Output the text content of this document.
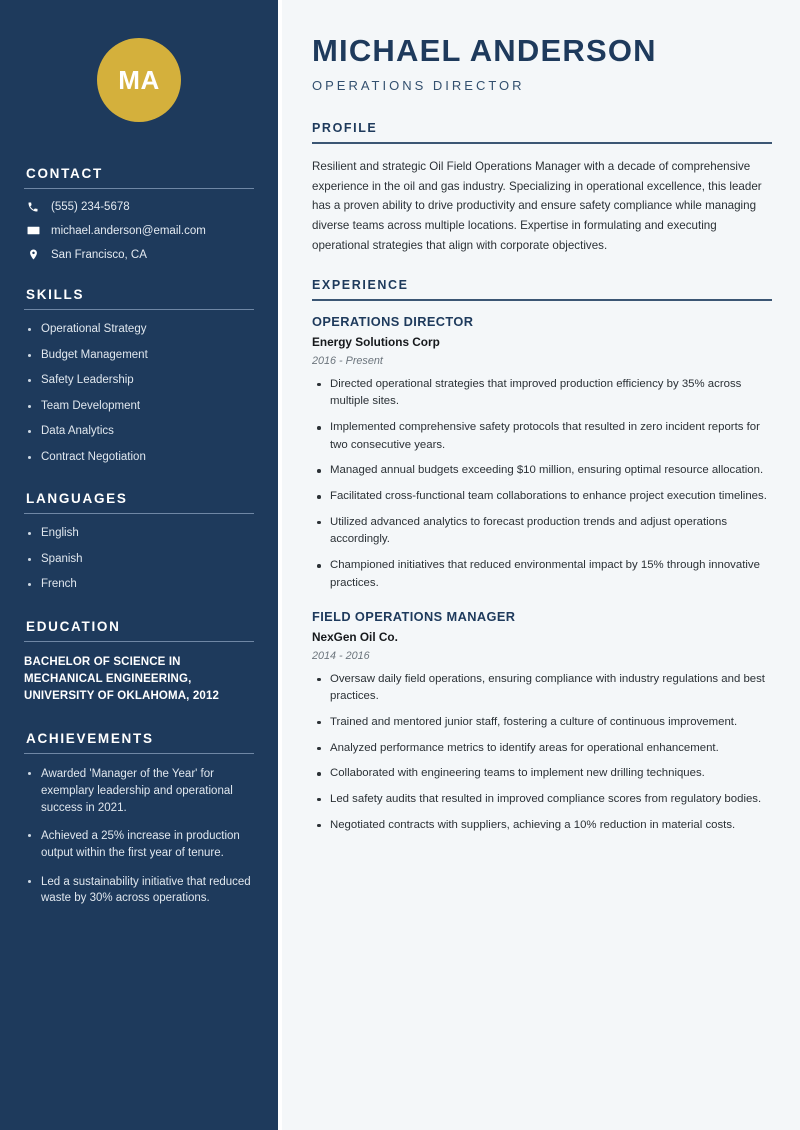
MA
CONTACT
(555) 234-5678
michael.anderson@email.com
San Francisco, CA
SKILLS
Operational Strategy
Budget Management
Safety Leadership
Team Development
Data Analytics
Contract Negotiation
LANGUAGES
English
Spanish
French
EDUCATION

BACHELOR OF SCIENCE IN MECHANICAL ENGINEERING, UNIVERSITY OF OKLAHOMA, 2012

ACHIEVEMENTS
Awarded 'Manager of the Year' for exemplary leadership and operational success in 2021.
Achieved a 25% increase in production output within the first year of tenure.
Led a sustainability initiative that reduced waste by 30% across operations.
MICHAEL ANDERSON
OPERATIONS DIRECTOR
PROFILE

Resilient and strategic Oil Field Operations Manager with a decade of comprehensive experience in the oil and gas industry. Specializing in operational excellence, this leader has a proven ability to drive productivity and ensure safety compliance while managing diverse teams across multiple locations. Expertise in formulating and executing operational strategies that align with corporate objectives.

EXPERIENCE
OPERATIONS DIRECTOR
Energy Solutions Corp
2016 - Present
Directed operational strategies that improved production efficiency by 35% across multiple sites.
Implemented comprehensive safety protocols that resulted in zero incident reports for two consecutive years.
Managed annual budgets exceeding $10 million, ensuring optimal resource allocation.
Facilitated cross-functional team collaborations to enhance project execution timelines.
Utilized advanced analytics to forecast production trends and adjust operations accordingly.
Championed initiatives that reduced environmental impact by 15% through innovative practices.
FIELD OPERATIONS MANAGER
NexGen Oil Co.
2014 - 2016
Oversaw daily field operations, ensuring compliance with industry regulations and best practices.
Trained and mentored junior staff, fostering a culture of continuous improvement.
Analyzed performance metrics to identify areas for operational enhancement.
Collaborated with engineering teams to implement new drilling techniques.
Led safety audits that resulted in improved compliance scores from regulatory bodies.
Negotiated contracts with suppliers, achieving a 10% reduction in material costs.
